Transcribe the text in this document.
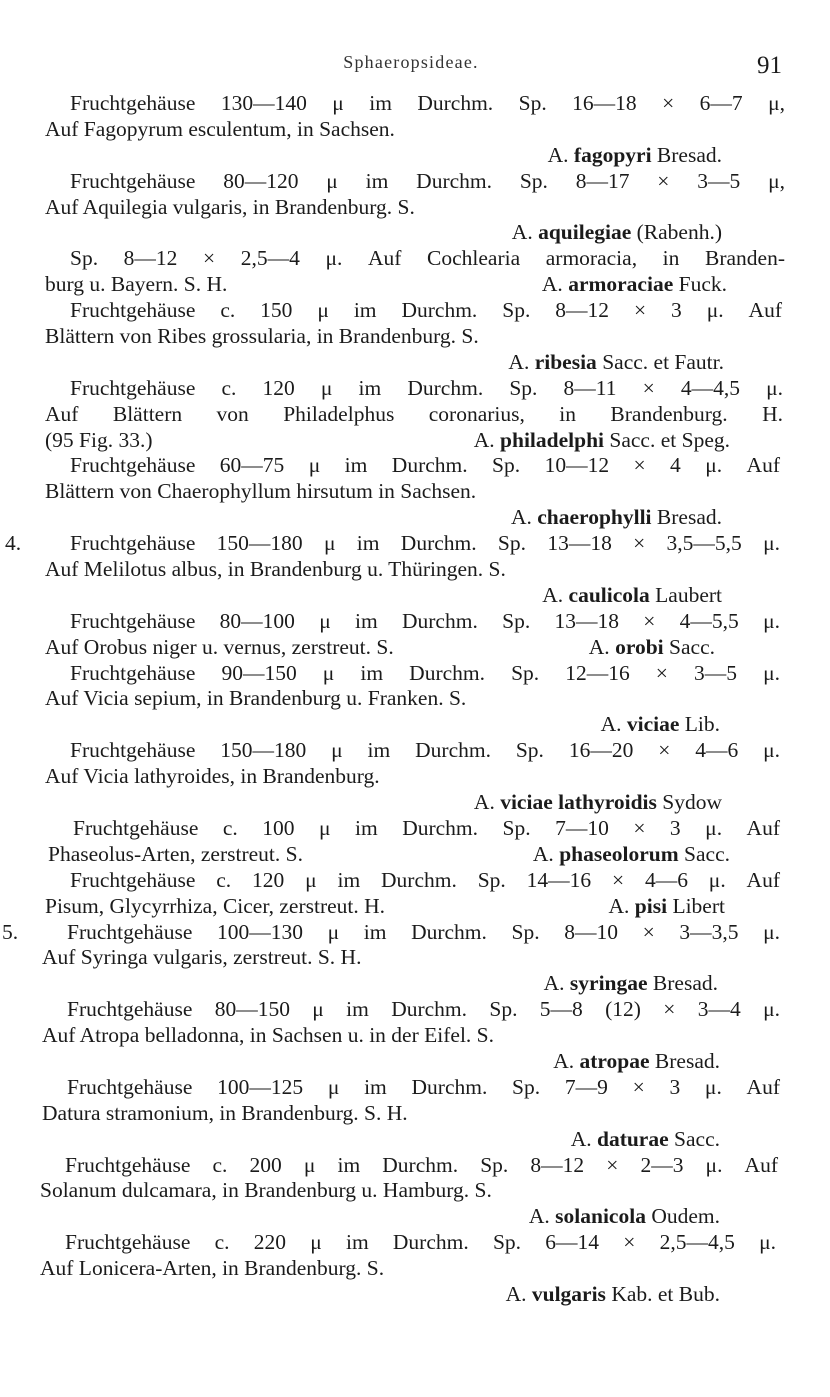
Sphaeropsideae.	91
Fruchtgehäuse 130—140 μ im Durchm. Sp. 16—18 × 6—7 μ,
Auf Fagopyrum esculentum, in Sachsen.
A. fagopyri Bresad.
Fruchtgehäuse 80—120 μ im Durchm. Sp. 8—17 × 3—5 μ,
Auf Aquilegia vulgaris, in Brandenburg. S.
A. aquilegiae (Rabenh.)
Sp. 8—12 × 2,5—4 μ. Auf Cochlearia armoracia, in Branden-
burg u. Bayern. S. H.	A. armoraciae Fuck.
Fruchtgehäuse c. 150 μ im Durchm. Sp. 8—12 × 3 μ. Auf
Blättern von Ribes grossularia, in Brandenburg. S.
A. ribesia Sacc. et Fautr.
Fruchtgehäuse c. 120 μ im Durchm. Sp. 8—11 × 4—4,5 μ.
Auf Blättern von Philadelphus coronarius, in Brandenburg. H.
(95 Fig. 33.)	A. philadelphi Sacc. et Speg.
Fruchtgehäuse 60—75 μ im Durchm. Sp. 10—12 × 4 μ. Auf
Blättern von Chaerophyllum hirsutum in Sachsen.
A. chaerophylli Bresad.
4.	Fruchtgehäuse 150—180 μ im Durchm. Sp. 13—18 × 3,5—5,5 μ.
Auf Melilotus albus, in Brandenburg u. Thüringen. S.
A. caulicola Laubert
Fruchtgehäuse 80—100 μ im Durchm. Sp. 13—18 × 4—5,5 μ.
Auf Orobus niger u. vernus, zerstreut. S.	A. orobi Sacc.
Fruchtgehäuse 90—150 μ im Durchm. Sp. 12—16 × 3—5 μ.
Auf Vicia sepium, in Brandenburg u. Franken. S.
A. viciae Lib.
Fruchtgehäuse 150—180 μ im Durchm. Sp. 16—20 × 4—6 μ.
Auf Vicia lathyroides, in Brandenburg.
A. viciae lathyroidis Sydow
Fruchtgehäuse c. 100 μ im Durchm. Sp. 7—10 × 3 μ. Auf
Phaseolus-Arten, zerstreut. S.	A. phaseolorum Sacc.
Fruchtgehäuse c. 120 μ im Durchm. Sp. 14—16 × 4—6 μ. Auf
Pisum, Glycyrrhiza, Cicer, zerstreut. H.	A. pisi Libert
5.	Fruchtgehäuse 100—130 μ im Durchm. Sp. 8—10 × 3—3,5 μ.
Auf Syringa vulgaris, zerstreut. S. H.
A. syringae Bresad.
Fruchtgehäuse 80—150 μ im Durchm. Sp. 5—8 (12) × 3—4 μ.
Auf Atropa belladonna, in Sachsen u. in der Eifel. S.
A. atropae Bresad.
Fruchtgehäuse 100—125 μ im Durchm. Sp. 7—9 × 3 μ. Auf
Datura stramonium, in Brandenburg. S. H.
A. daturae Sacc.
Fruchtgehäuse c. 200 μ im Durchm. Sp. 8—12 × 2—3 μ. Auf
Solanum dulcamara, in Brandenburg u. Hamburg. S.
A. solanicola Oudem.
Fruchtgehäuse c. 220 μ im Durchm. Sp. 6—14 × 2,5—4,5 μ.
Auf Lonicera-Arten, in Brandenburg. S.
A. vulgaris Kab. et Bub.
